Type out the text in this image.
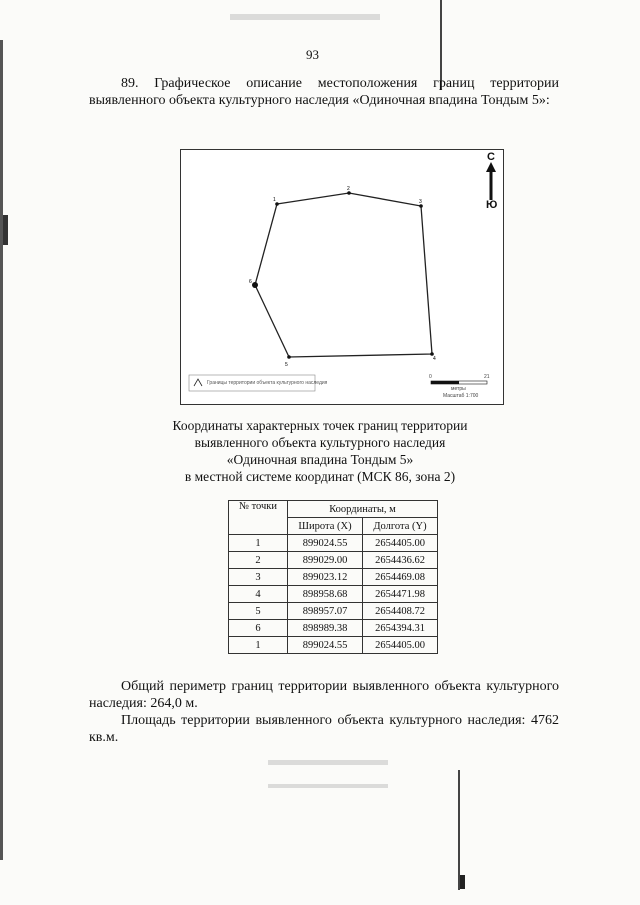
93
89. Графическое описание местоположения границ территории выявленного объекта культурного наследия «Одиночная впадина Тондым 5»:
1
2
3
4
5
6
С
Ю
Границы территории объекта культурного наследия
0	21
метры
Масштаб 1:700
Координаты характерных точек границ территории
выявленного объекта культурного наследия
«Одиночная впадина Тондым 5»
в местной системе координат (МСК 86, зона 2)
№ точки	Координаты, м	
	Широта (X)	Долгота (Y)
1	899024.55	2654405.00
2	899029.00	2654436.62
3	899023.12	2654469.08
4	898958.68	2654471.98
5	898957.07	2654408.72
6	898989.38	2654394.31
1	899024.55	2654405.00
Общий периметр границ территории выявленного объекта культурного наследия: 264,0 м.
Площадь территории выявленного объекта культурного наследия: 4762 кв.м.
